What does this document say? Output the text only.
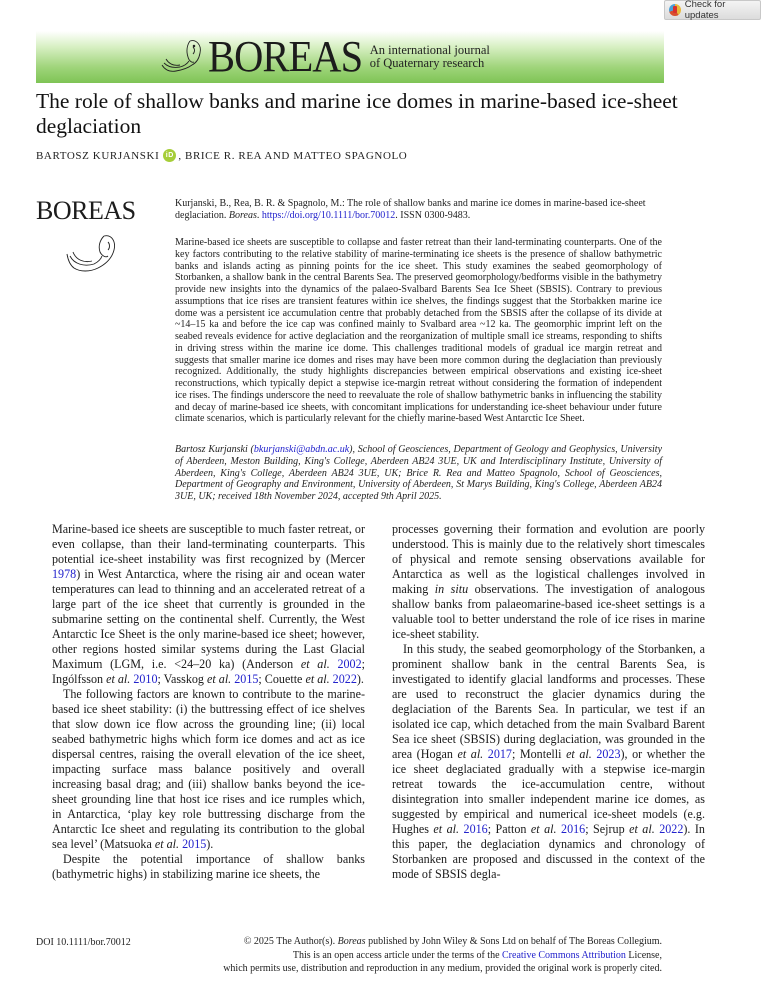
Check for updates
BOREAS An international journal
of Quaternary research
The role of shallow banks and marine ice domes in marine-based ice-sheet deglaciation
BARTOSZ KURJANSKI iD , BRICE R. REA AND MATTEO SPAGNOLO
BOREAS	Kurjanski, B., Rea, B. R. & Spagnolo, M.: The role of shallow banks and marine ice domes in marine-based ice-sheet deglaciation. Boreas. https://doi.org/10.1111/bor.70012. ISSN 0300-9483.

Marine-based ice sheets are susceptible to collapse and faster retreat than their land-terminating counterparts. One of the key factors contributing to the relative stability of marine-terminating ice sheets is the presence of shallow bathymetric banks and islands acting as pinning points for the ice sheet. This study examines the seabed geomorphology of Storbanken, a shallow bank in the central Barents Sea. The preserved geomorphology/bedforms visible in the bathymetry provide new insights into the dynamics of the palaeo-Svalbard Barents Sea Ice Sheet (SBSIS). Contrary to previous assumptions that ice rises are transient features within ice shelves, the findings suggest that the Storbakken marine ice dome was a persistent ice accumulation centre that probably detached from the SBSIS after the collapse of its divide at ~14–15 ka and before the ice cap was confined mainly to Svalbard area ~12 ka. The geomorphic imprint left on the seabed reveals evidence for active deglaciation and the reorganization of multiple small ice streams, responding to shifts in driving stress within the marine ice dome. This challenges traditional models of gradual ice margin retreat and suggests that smaller marine ice domes and rises may have been more common during the deglaciation than previously recognized. Additionally, the study highlights discrepancies between empirical observations and existing ice-sheet reconstructions, which typically depict a stepwise ice-margin retreat without considering the formation of independent ice rises. The findings underscore the need to reevaluate the role of shallow bathymetric banks in influencing the stability and decay of marine-based ice sheets, with concomitant implications for understanding ice-sheet behaviour under future climate scenarios, which is particularly relevant for the chiefly marine-based West Antarctic Ice Sheet.

Bartosz Kurjanski (bkurjanski@abdn.ac.uk), School of Geosciences, Department of Geology and Geophysics, University of Aberdeen, Meston Building, King's College, Aberdeen AB24 3UE, UK and Interdisciplinary Institute, University of Aberdeen, King's College, Aberdeen AB24 3UE, UK; Brice R. Rea and Matteo Spagnolo, School of Geosciences, Department of Geography and Environment, University of Aberdeen, St Marys Building, King's College, Aberdeen AB24 3UE, UK; received 18th November 2024, accepted 9th April 2025.

Marine-based ice sheets are susceptible to much faster retreat, or even collapse, than their land-terminating counterparts. This potential ice-sheet instability was first recognized by (Mercer 1978) in West Antarctica, where the rising air and ocean water temperatures can lead to thinning and an accelerated retreat of a large part of the ice sheet that currently is grounded in the submarine setting on the continental shelf. Currently, the West Antarctic Ice Sheet is the only marine-based ice sheet; however, other regions hosted similar systems during the Last Glacial Maximum (LGM, i.e. <24–20 ka) (Anderson et al. 2002; Ingólfsson et al. 2010; Vasskog et al. 2015; Couette et al. 2022).

The following factors are known to contribute to the marine-based ice sheet stability: (i) the buttressing effect of ice shelves that slow down ice flow across the grounding line; (ii) local seabed bathymetric highs which form ice domes and act as ice dispersal centres, raising the overall elevation of the ice sheet, impacting surface mass balance positively and overall increasing basal drag; and (iii) shallow banks beyond the ice-sheet grounding line that host ice rises and ice rumples which, in Antarctica, ‘play key role buttressing discharge from the Antarctic Ice sheet and regulating its contribution to the global sea level’ (Matsuoka et al. 2015).

Despite the potential importance of shallow banks (bathymetric highs) in stabilizing marine ice sheets, the

processes governing their formation and evolution are poorly understood. This is mainly due to the relatively short timescales of physical and remote sensing observations available for Antarctica as well as the logistical challenges involved in making in situ observations. The investigation of analogous shallow banks from palaeomarine-based ice-sheet settings is a valuable tool to better understand the role of ice rises in marine ice-sheet stability.

In this study, the seabed geomorphology of the Storbanken, a prominent shallow bank in the central Barents Sea, is investigated to identify glacial landforms and processes. These are used to reconstruct the glacier dynamics during the deglaciation of the Barents Sea. In particular, we test if an isolated ice cap, which detached from the main Svalbard Barent Sea ice sheet (SBSIS) during deglaciation, was grounded in the area (Hogan et al. 2017; Montelli et al. 2023), or whether the ice sheet deglaciated gradually with a stepwise ice-margin retreat towards the ice-accumulation centre, without disintegration into smaller independent marine ice domes, as suggested by empirical and numerical ice-sheet models (e.g. Hughes et al. 2016; Patton et al. 2016; Sejrup et al. 2022). In this paper, the deglaciation dynamics and chronology of Storbanken are proposed and discussed in the context of the mode of SBSIS degla-

DOI 10.1111/bor.70012	© 2025 The Author(s). Boreas published by John Wiley & Sons Ltd on behalf of The Boreas Collegium.
This is an open access article under the terms of the Creative Commons Attribution License,
which permits use, distribution and reproduction in any medium, provided the original work is properly cited.
